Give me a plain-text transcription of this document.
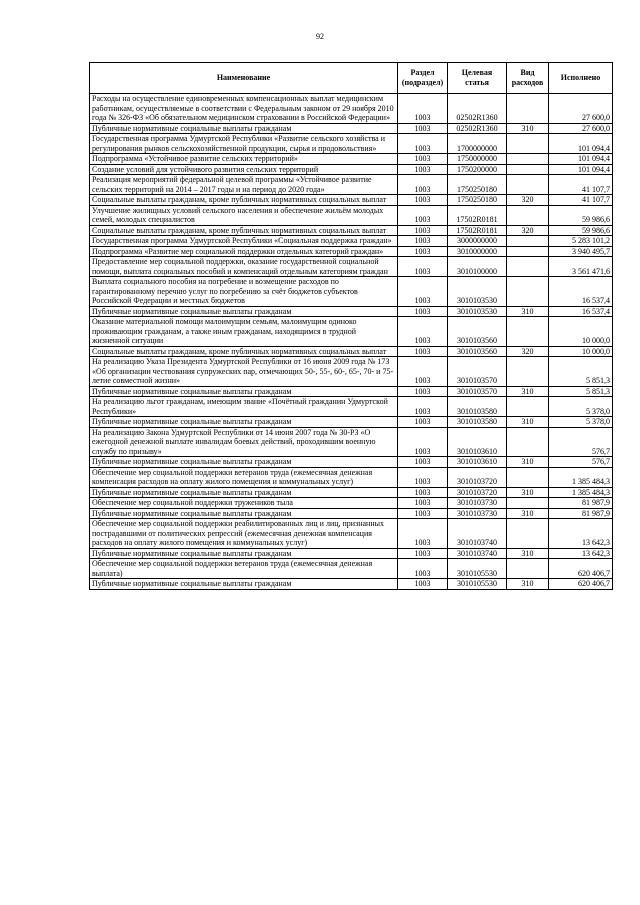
92
Наименование	Раздел (подраздел)	Целевая статья	Вид расходов	Исполнено
Расходы на осуществление единовременных компенсационных выплат медицинским работникам, осуществляемые в соответствии с Федеральным законом от 29 ноября 2010 года № 326-ФЗ «Об обязательном медицинском страховании в Российской Федерации»	1003	02502R1360		27 600,0
Публичные нормативные социальные выплаты гражданам	1003	02502R1360	310	27 600,0
Государственная программа Удмуртской Республики «Развитие сельского хозяйства и регулирования рынков сельскохозяйственной продукции, сырья и продовольствия»	1003	1700000000		101 094,4
Подпрограмма «Устойчивое развитие сельских территорий»	1003	1750000000		101 094,4
Создание условий для устойчивого развития сельских территорий	1003	1750200000		101 094,4
Реализация мероприятий федеральной целевой программы «Устойчивое развитие сельских территорий на 2014 – 2017 годы и на период до 2020 года»	1003	1750250180		41 107,7
Социальные выплаты гражданам, кроме публичных нормативных социальных выплат	1003	1750250180	320	41 107,7
Улучшение жилищных условий сельского населения и обеспечение жильём молодых семей, молодых специалистов	1003	17502R0181		59 986,6
Социальные выплаты гражданам, кроме публичных нормативных социальных выплат	1003	17502R0181	320	59 986,6
Государственная программа Удмуртской Республики «Социальная поддержка граждан»	1003	3000000000		5 283 101,2
Подпрограмма «Развитие мер социальной поддержки отдельных категорий граждан»	1003	3010000000		3 940 495,7
Предоставление мер социальной поддержки, оказание государственной социальной помощи, выплата социальных пособий и компенсаций отдельным категориям граждан	1003	3010100000		3 561 471,6
Выплата социального пособия на погребение и возмещение расходов по гарантированному перечню услуг по погребению за счёт бюджетов субъектов Российской Федерации и местных бюджетов	1003	3010103530		16 537,4
Публичные нормативные социальные выплаты гражданам	1003	3010103530	310	16 537,4
Оказание материальной помощи малоимущим семьям, малоимущим одиноко проживающим гражданам, а также иным гражданам, находящимся в трудной жизненной ситуации	1003	3010103560		10 000,0
Социальные выплаты гражданам, кроме публичных нормативных социальных выплат	1003	3010103560	320	10 000,0
На реализацию Указа Президента Удмуртской Республики от 16 июня 2009 года № 173 «Об организации чествования супружеских пар, отмечающих 50-, 55-, 60-, 65-, 70- и 75-летие совместной жизни»	1003	3010103570		5 851,3
Публичные нормативные социальные выплаты гражданам	1003	3010103570	310	5 851,3
На реализацию льгот гражданам, имеющим звание «Почётный гражданин Удмуртской Республики»	1003	3010103580		5 378,0
Публичные нормативные социальные выплаты гражданам	1003	3010103580	310	5 378,0
На реализацию Закона Удмуртской Республики от 14 июня 2007 года № 30-РЗ «О ежегодной денежной выплате инвалидам боевых действий, проходившим военную службу по призыву»	1003	3010103610		576,7
Публичные нормативные социальные выплаты гражданам	1003	3010103610	310	576,7
Обеспечение мер социальной поддержки ветеранов труда (ежемесячная денежная компенсация расходов на оплату жилого помещения и коммунальных услуг)	1003	3010103720		1 385 484,3
Публичные нормативные социальные выплаты гражданам	1003	3010103720	310	1 385 484,3
Обеспечение мер социальной поддержки тружеников тыла	1003	3010103730		81 987,9
Публичные нормативные социальные выплаты гражданам	1003	3010103730	310	81 987,9
Обеспечение мер социальной поддержки реабилитированных лиц и лиц, признанных пострадавшими от политических репрессий (ежемесячная денежная компенсация расходов на оплату жилого помещения и коммунальных услуг)	1003	3010103740		13 642,3
Публичные нормативные социальные выплаты гражданам	1003	3010103740	310	13 642,3
Обеспечение мер социальной поддержки ветеранов труда (ежемесячная денежная выплата)	1003	3010105530		620 406,7
Публичные нормативные социальные выплаты гражданам	1003	3010105530	310	620 406,7
